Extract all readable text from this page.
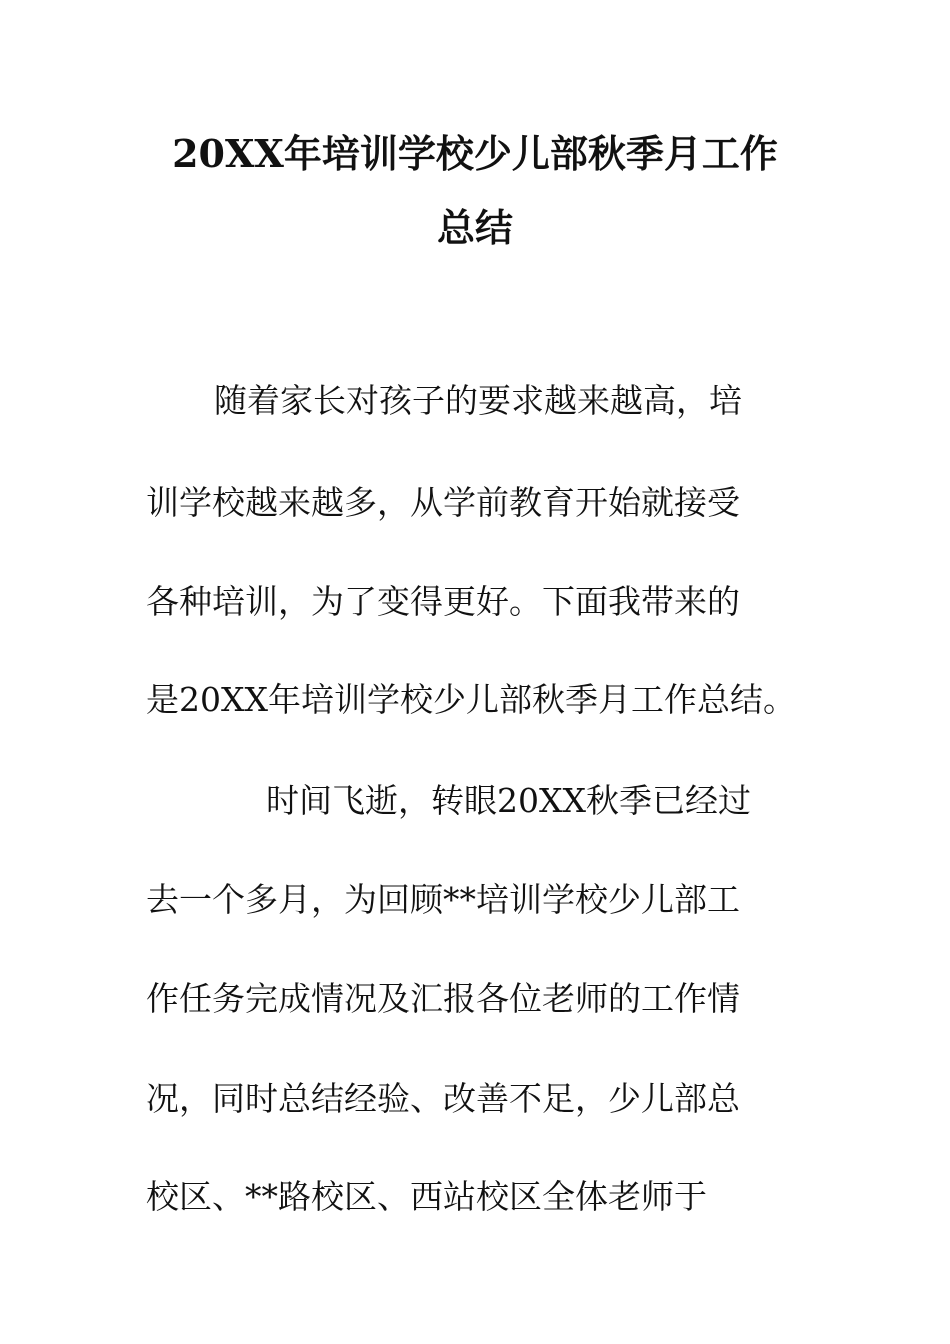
20XX年培训学校少儿部秋季月工作
总结
随着家长对孩子的要求越来越高，培
训学校越来越多，从学前教育开始就接受
各种培训，为了变得更好。下面我带来的
是20XX年培训学校少儿部秋季月工作总结。
时间飞逝，转眼20XX秋季已经过
去一个多月，为回顾**培训学校少儿部工
作任务完成情况及汇报各位老师的工作情
况，同时总结经验、改善不足，少儿部总
校区、**路校区、西站校区全体老师于
